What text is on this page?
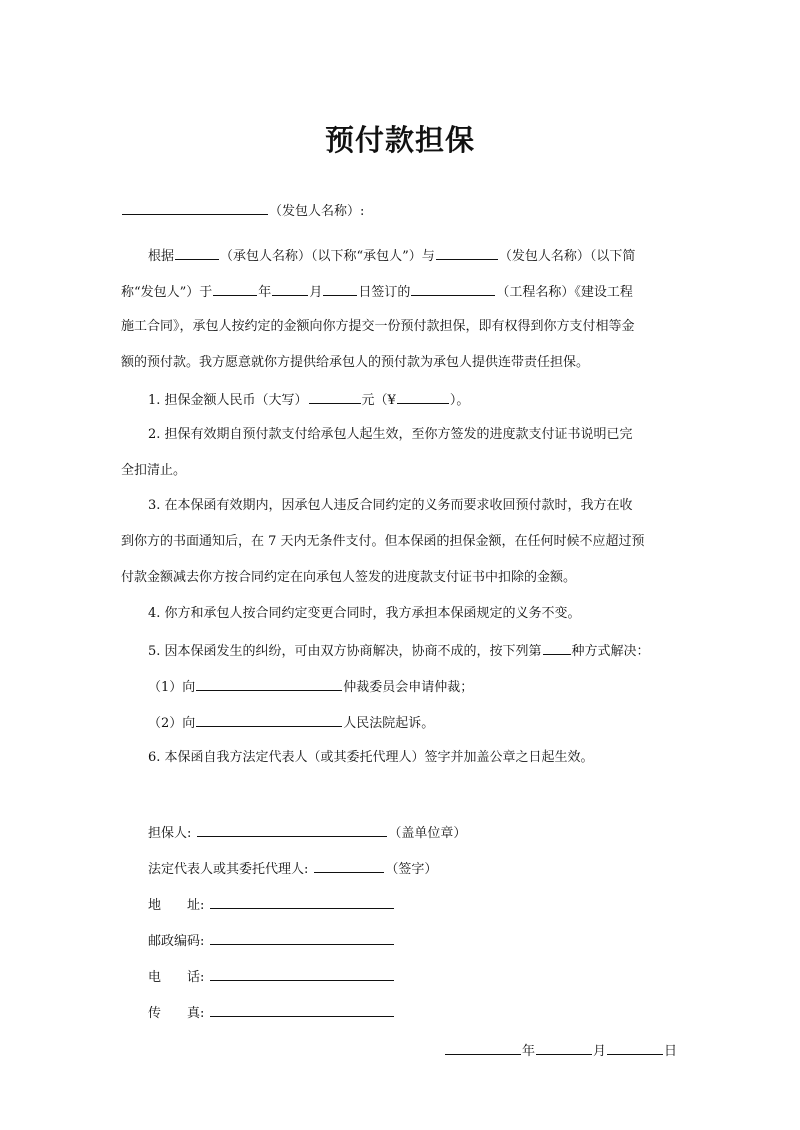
预付款担保
（发包人名称）:
根据	（承包人名称）（以下称“承包人”）与	（发包人名称）（以下简
称“发包人”）于	年	月	日签订的	（工程名称）《建设工程
施工合同》，承包人按约定的金额向你方提交一份预付款担保，即有权得到你方支付相等金
额的预付款。我方愿意就你方提供给承包人的预付款为承包人提供连带责任担保。
1. 担保金额人民币（大写）	元（¥	）。
2. 担保有效期自预付款支付给承包人起生效，至你方签发的进度款支付证书说明已完
全扣清止。
3. 在本保函有效期内，因承包人违反合同约定的义务而要求收回预付款时，我方在收
到你方的书面通知后，在 7 天内无条件支付。但本保函的担保金额，在任何时候不应超过预
付款金额减去你方按合同约定在向承包人签发的进度款支付证书中扣除的金额。
4. 你方和承包人按合同约定变更合同时，我方承担本保函规定的义务不变。
5. 因本保函发生的纠纷，可由双方协商解决，协商不成的，按下列第 种方式解决：
（1）向	仲裁委员会申请仲裁；
（2）向	人民法院起诉。
6. 本保函自我方法定代表人（或其委托代理人）签字并加盖公章之日起生效。
担保人:	（盖单位章）
法定代表人或其委托代理人:	（签字）
地 址:
邮政编码:
电 话:
传 真:
年	月	日
